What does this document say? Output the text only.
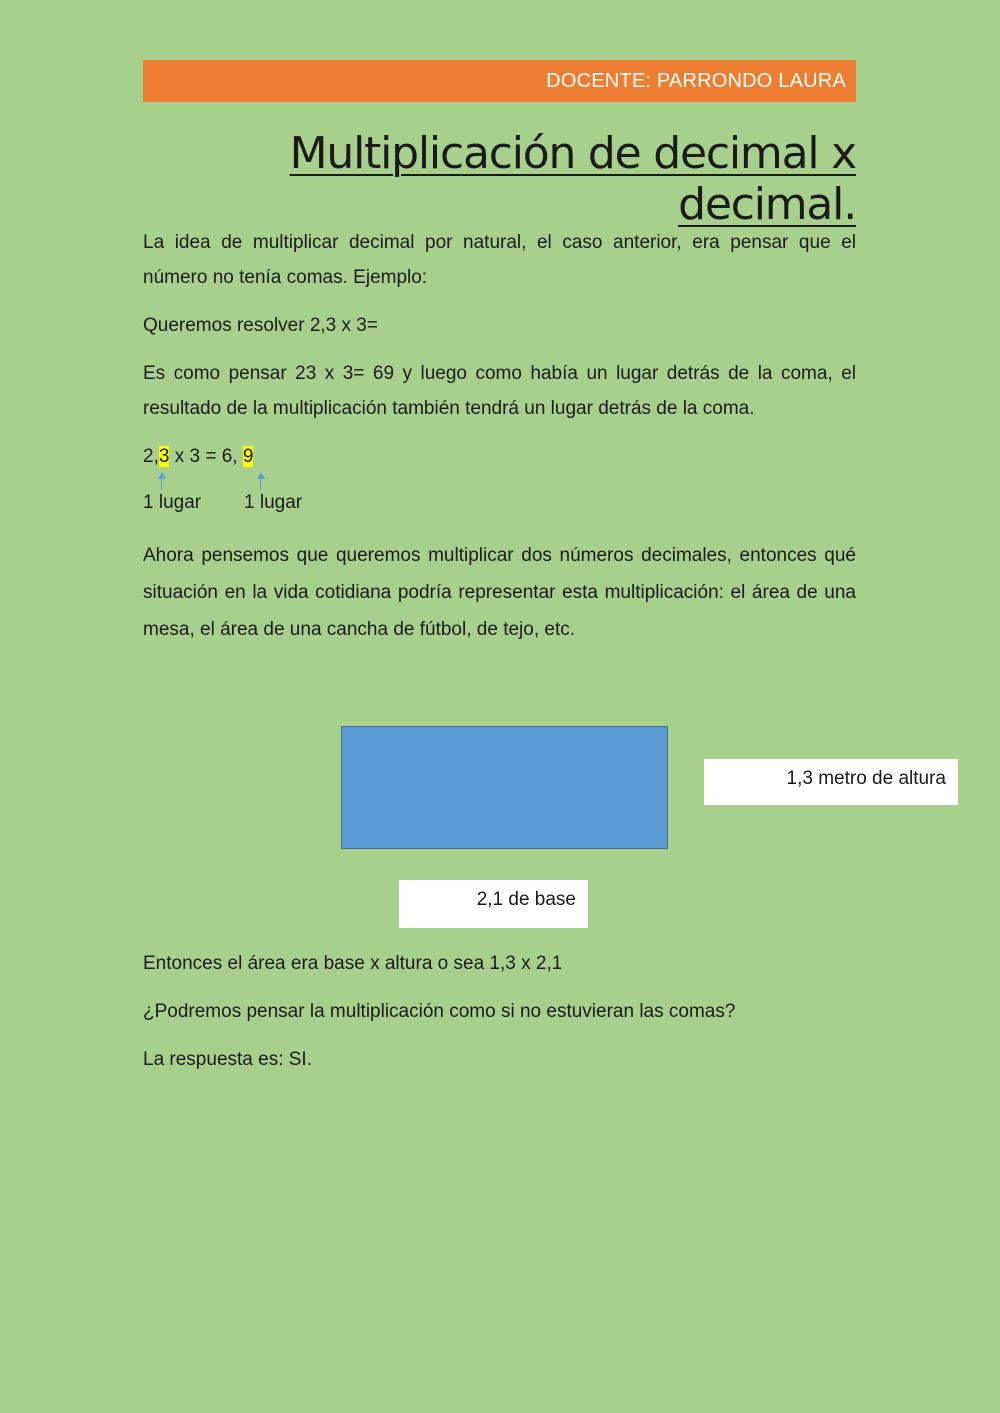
DOCENTE: PARRONDO LAURA
Multiplicación de decimal x decimal.

La idea de multiplicar decimal por natural, el caso anterior, era pensar que el número no tenía comas. Ejemplo:

Queremos resolver 2,3 x 3=

Es como pensar 23 x 3= 69 y luego como había un lugar detrás de la coma, el resultado de la multiplicación también tendrá un lugar detrás de la coma.

2,3 x 3 = 6, 9

1 lugar 1 lugar

Ahora pensemos que queremos multiplicar dos números decimales, entonces qué situación en la vida cotidiana podría representar esta multiplicación: el área de una mesa, el área de una cancha de fútbol, de tejo, etc.

1,3 metro de altura
2,1 de base

Entonces el área era base x altura o sea 1,3 x 2,1

¿Podremos pensar la multiplicación como si no estuvieran las comas?

La respuesta es: SI.
